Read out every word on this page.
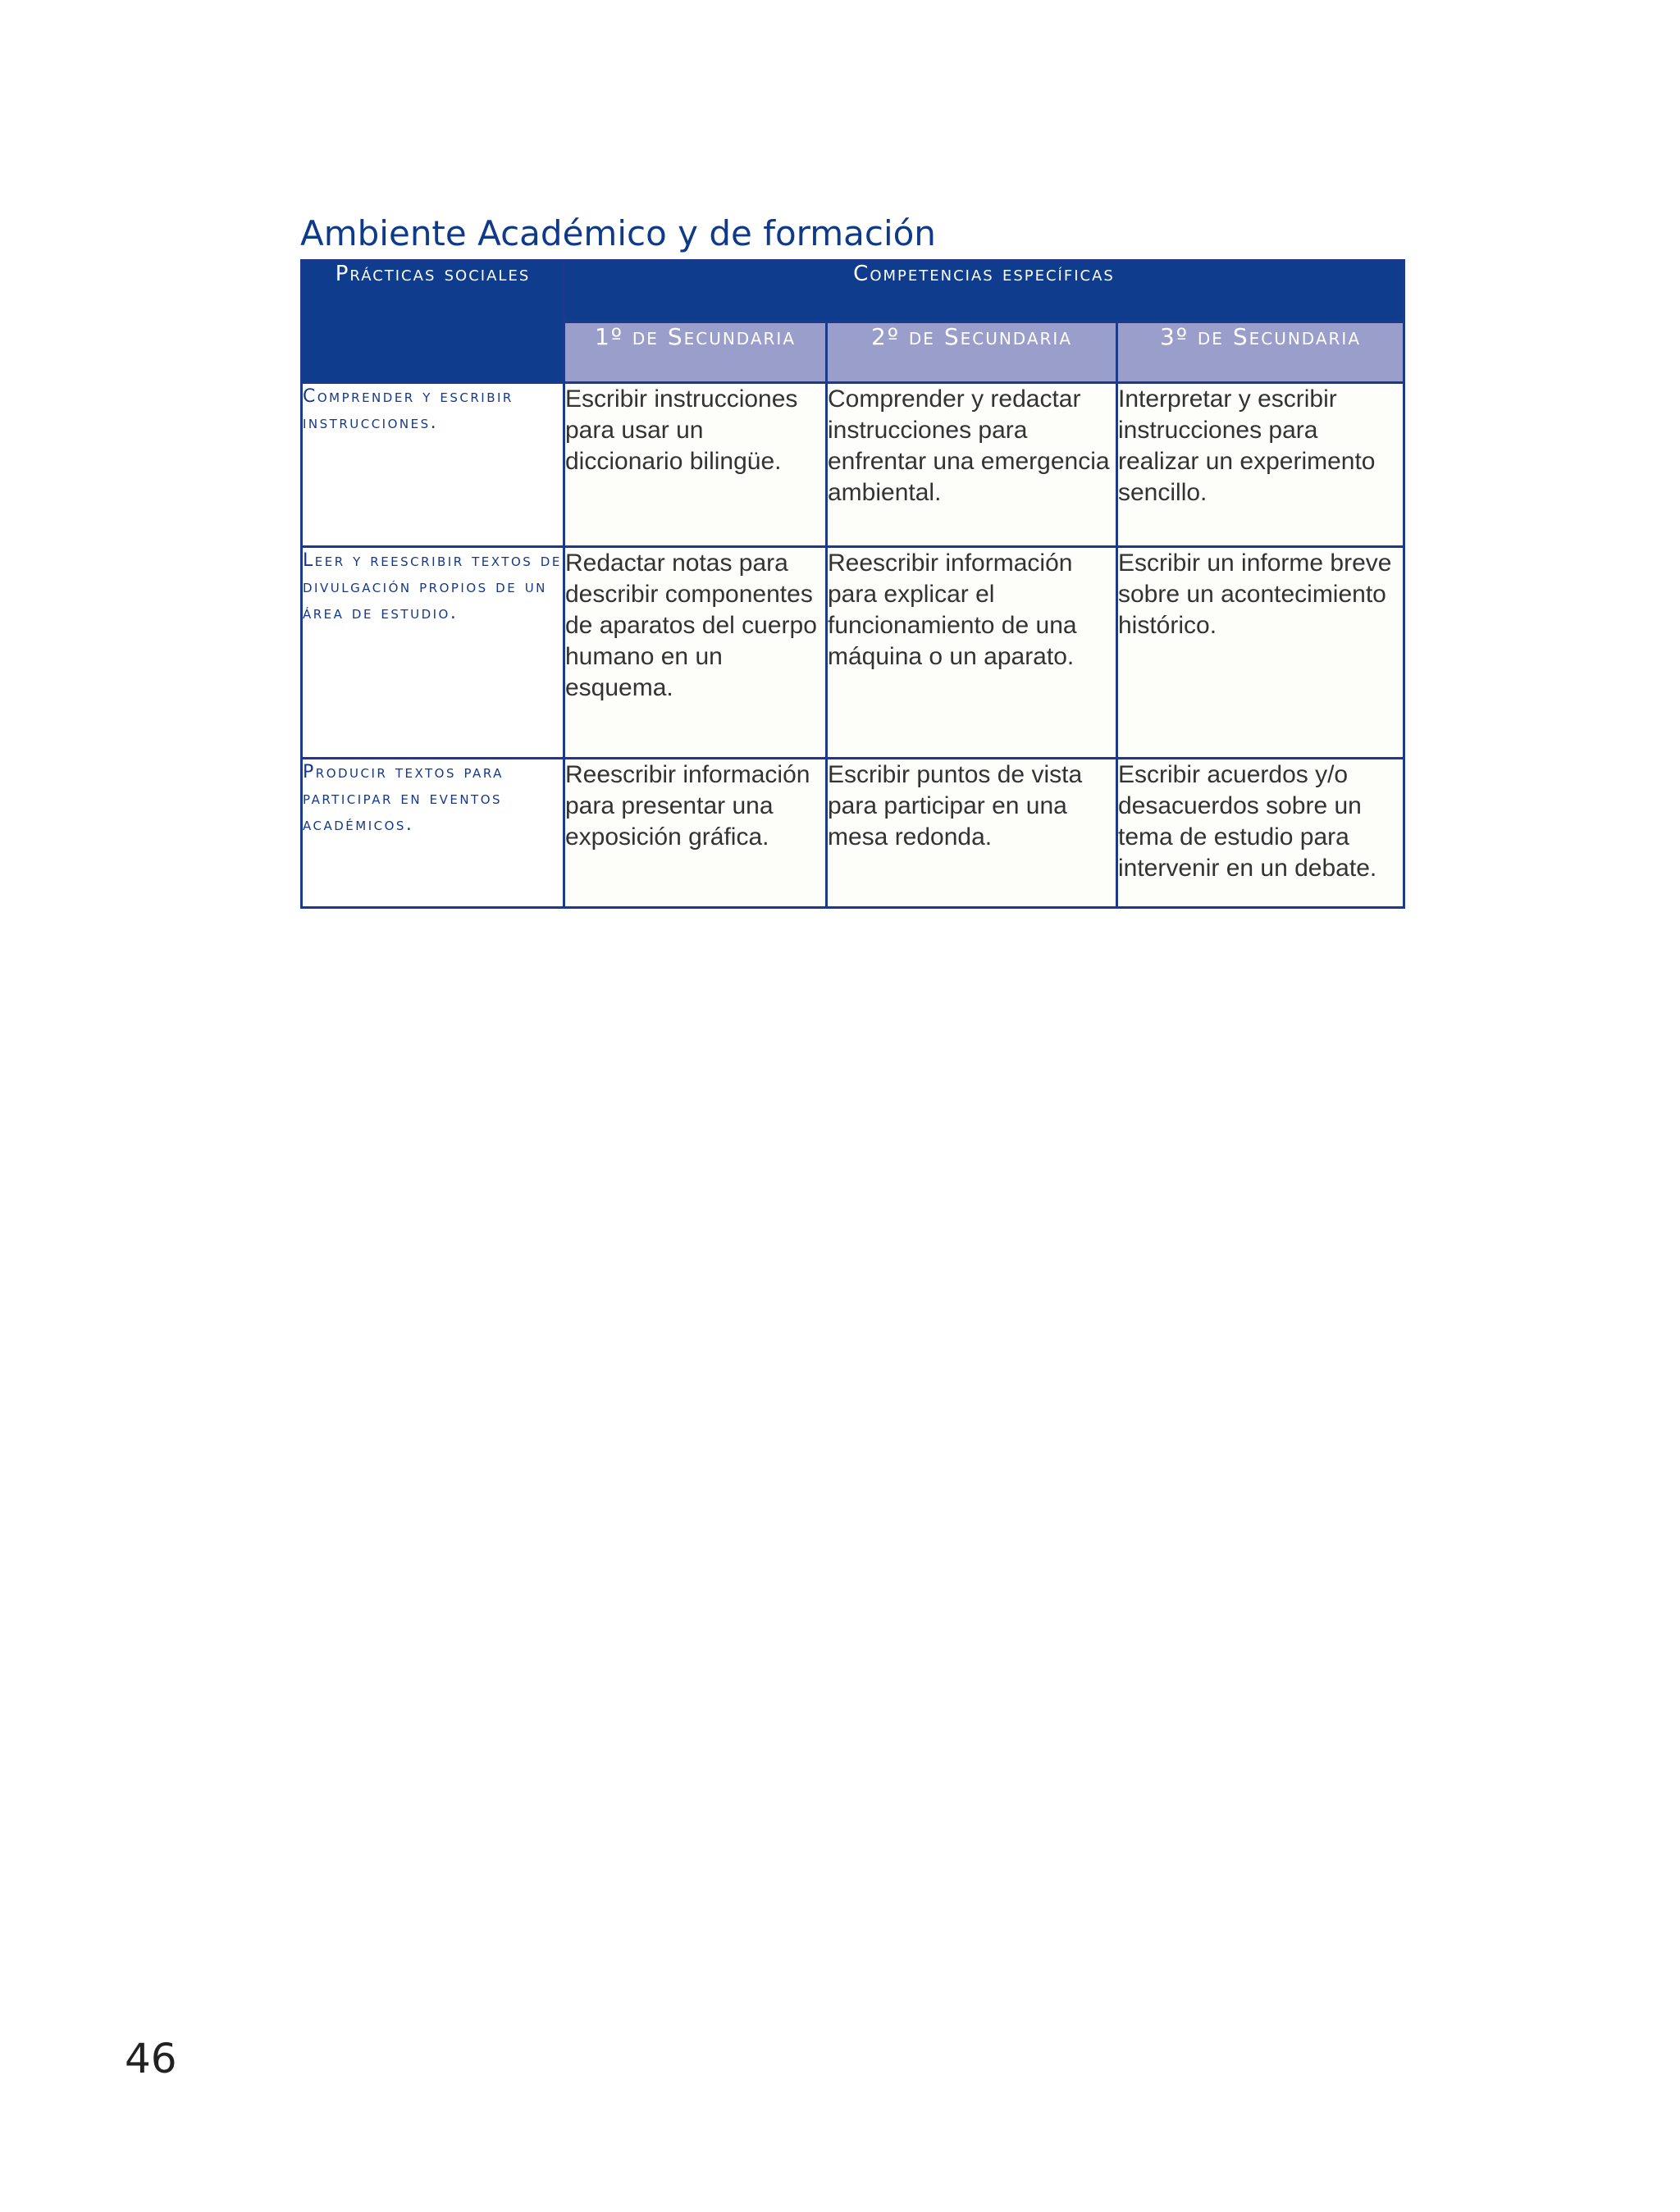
Ambiente Académico y de formación
Prácticas sociales	Competencias específicas		
	1º de Secundaria	2º de Secundaria	3º de Secundaria
Comprender y escribir instrucciones.	Escribir instrucciones para usar un diccionario bilingüe.	Comprender y redactar instrucciones para enfrentar una emergencia ambiental.	Interpretar y escribir instrucciones para realizar un experimento sencillo.
Leer y reescribir textos de divulgación propios de un área de estudio.	Redactar notas para describir componentes de aparatos del cuerpo humano en un esquema.	Reescribir información para explicar el funcionamiento de una máquina o un aparato.	Escribir un informe breve sobre un acontecimiento histórico.
Producir textos para participar en eventos académicos.	Reescribir información para presentar una exposición gráfica.	Escribir puntos de vista para participar en una mesa redonda.	Escribir acuerdos y/o desacuerdos sobre un tema de estudio para intervenir en un debate.
46
